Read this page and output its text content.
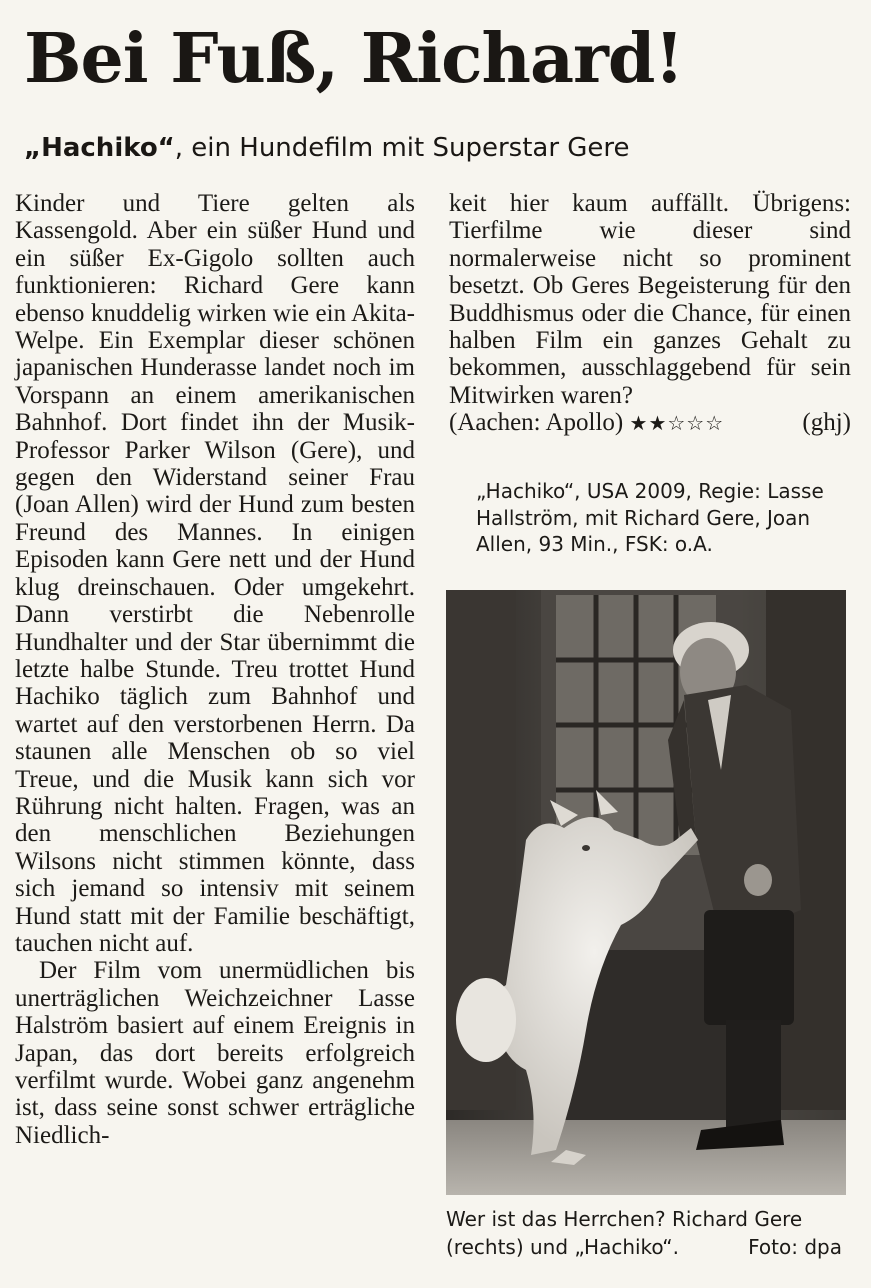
Bei Fuß, Richard!
„Hachiko“, ein Hundefilm mit Superstar Gere

Kinder und Tiere gelten als Kassengold. Aber ein süßer Hund und ein süßer Ex-Gigolo sollten auch funktionieren: Richard Gere kann ebenso knuddelig wirken wie ein Akita-Welpe. Ein Exemplar dieser schönen japanischen Hunderasse landet noch im Vorspann an einem amerikanischen Bahnhof. Dort findet ihn der Musik-Professor Parker Wilson (Gere), und gegen den Widerstand seiner Frau (Joan Allen) wird der Hund zum besten Freund des Mannes. In einigen Episoden kann Gere nett und der Hund klug dreinschauen. Oder umgekehrt. Dann verstirbt die Nebenrolle Hundhalter und der Star übernimmt die letzte halbe Stunde. Treu trottet Hund Hachiko täglich zum Bahnhof und wartet auf den verstorbenen Herrn. Da staunen alle Menschen ob so viel Treue, und die Musik kann sich vor Rührung nicht halten. Fragen, was an den menschlichen Beziehungen Wilsons nicht stimmen könnte, dass sich jemand so intensiv mit seinem Hund statt mit der Familie beschäftigt, tauchen nicht auf.

Der Film vom unermüdlichen bis unerträglichen Weichzeichner Lasse Halström basiert auf einem Ereignis in Japan, das dort bereits erfolgreich verfilmt wurde. Wobei ganz angenehm ist, dass seine sonst schwer erträgliche Niedlich-

keit hier kaum auffällt. Übrigens: Tierfilme wie dieser sind normalerweise nicht so prominent besetzt. Ob Geres Begeisterung für den Buddhismus oder die Chance, für einen halben Film ein ganzes Gehalt zu bekommen, ausschlaggebend für sein Mitwirken waren?

(Aachen: Apollo) ★★☆☆☆	(ghj)

„Hachiko“, USA 2009, Regie: Lasse Hallström, mit Richard Gere, Joan Allen, 93 Min., FSK: o.A.

Wer ist das Herrchen? Richard Gere (rechts) und „Hachiko“.	Foto: dpa
